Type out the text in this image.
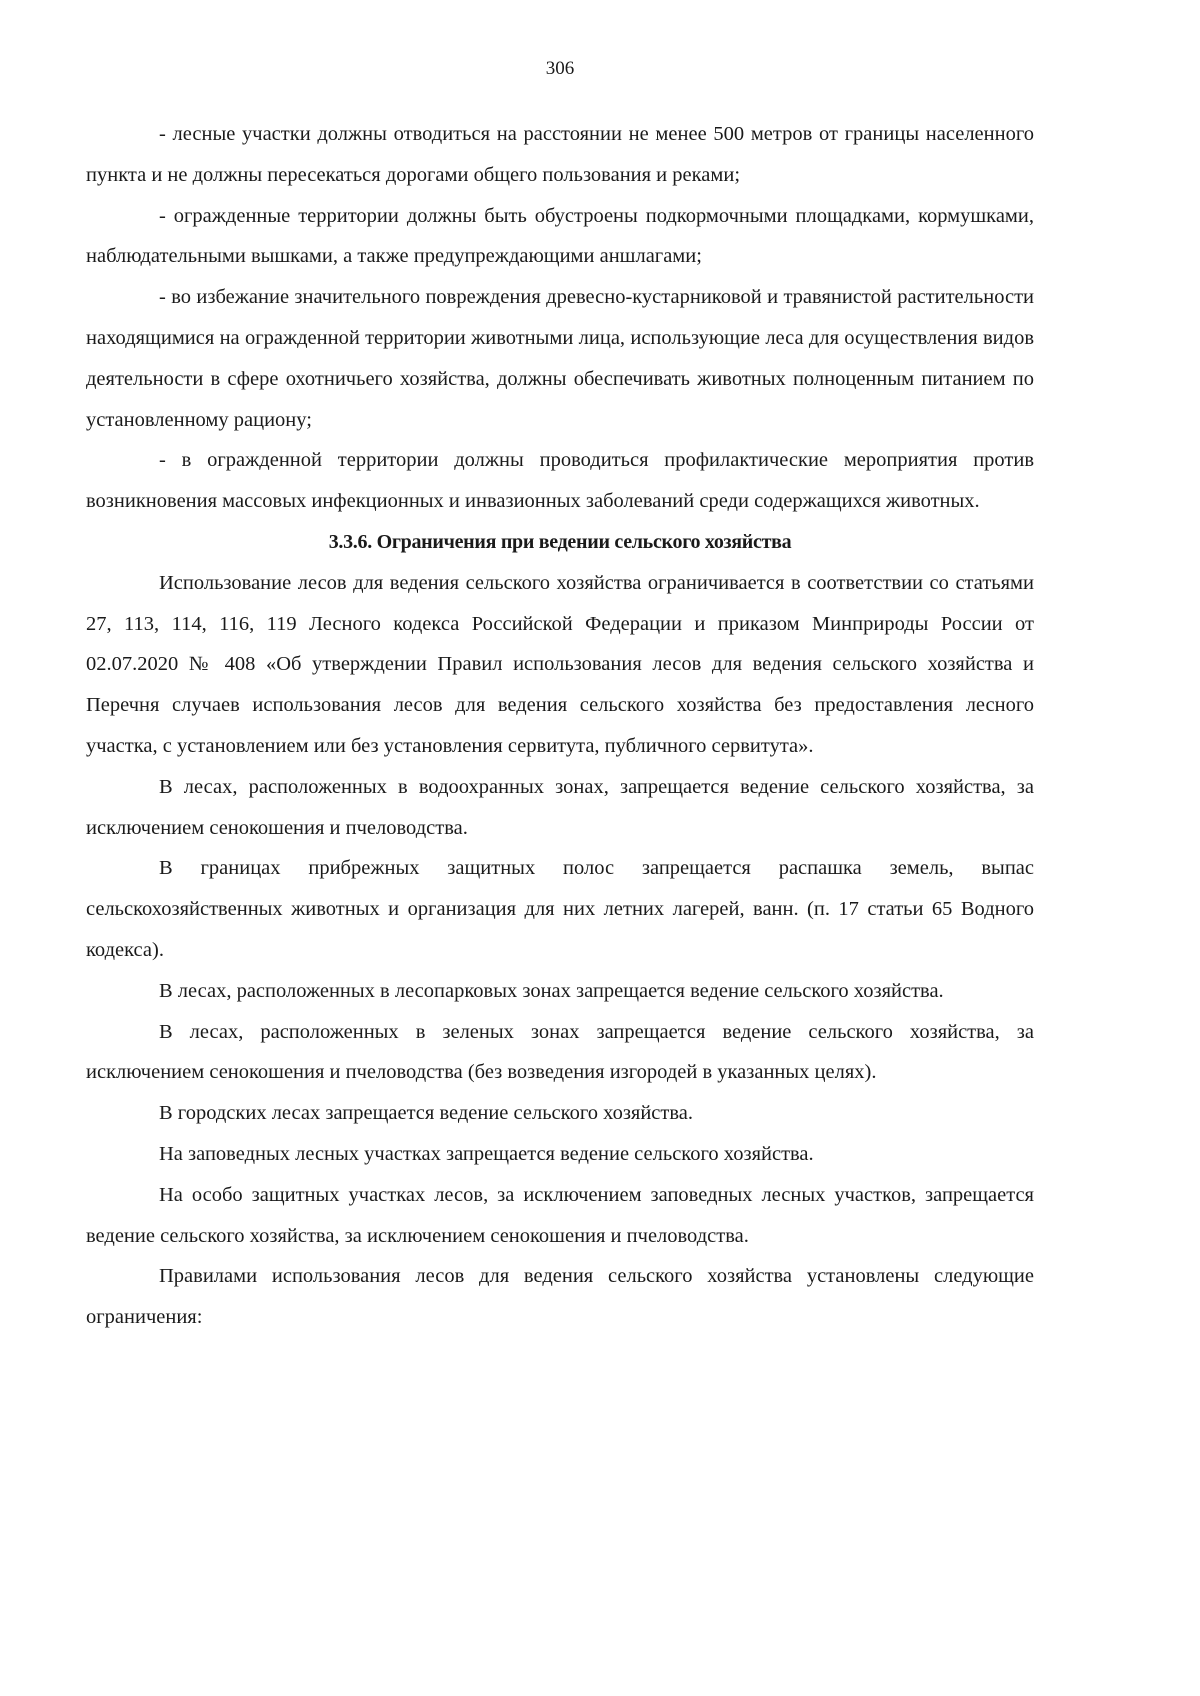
306

- лесные участки должны отводиться на расстоянии не менее 500 метров от границы населенного пункта и не должны пересекаться дорогами общего пользования и реками;

- огражденные территории должны быть обустроены подкормочными площадками, кормушками, наблюдательными вышками, а также предупреждающими аншлагами;

- во избежание значительного повреждения древесно-кустарниковой и травянистой растительности находящимися на огражденной территории животными лица, использующие леса для осуществления видов деятельности в сфере охотничьего хозяйства, должны обеспечивать животных полноценным питанием по установленному рациону;

- в огражденной территории должны проводиться профилактические мероприятия против возникновения массовых инфекционных и инвазионных заболеваний среди содержащихся животных.

3.3.6. Ограничения при ведении сельского хозяйства

Использование лесов для ведения сельского хозяйства ограничивается в соответствии со статьями 27, 113, 114, 116, 119 Лесного кодекса Российской Федерации и приказом Минприроды России от 02.07.2020 № 408 «Об утверждении Правил использования лесов для ведения сельского хозяйства и Перечня случаев использования лесов для ведения сельского хозяйства без предоставления лесного участка, с установлением или без установления сервитута, публичного сервитута».

В лесах, расположенных в водоохранных зонах, запрещается ведение сельского хозяйства, за исключением сенокошения и пчеловодства.

В границах прибрежных защитных полос запрещается распашка земель, выпас сельскохозяйственных животных и организация для них летних лагерей, ванн. (п. 17 статьи 65 Водного кодекса).

В лесах, расположенных в лесопарковых зонах запрещается ведение сельского хозяйства.

В лесах, расположенных в зеленых зонах запрещается ведение сельского хозяйства, за исключением сенокошения и пчеловодства (без возведения изгородей в указанных целях).

В городских лесах запрещается ведение сельского хозяйства.

На заповедных лесных участках запрещается ведение сельского хозяйства.

На особо защитных участках лесов, за исключением заповедных лесных участков, запрещается ведение сельского хозяйства, за исключением сенокошения и пчеловодства.

Правилами использования лесов для ведения сельского хозяйства установлены следующие ограничения:
